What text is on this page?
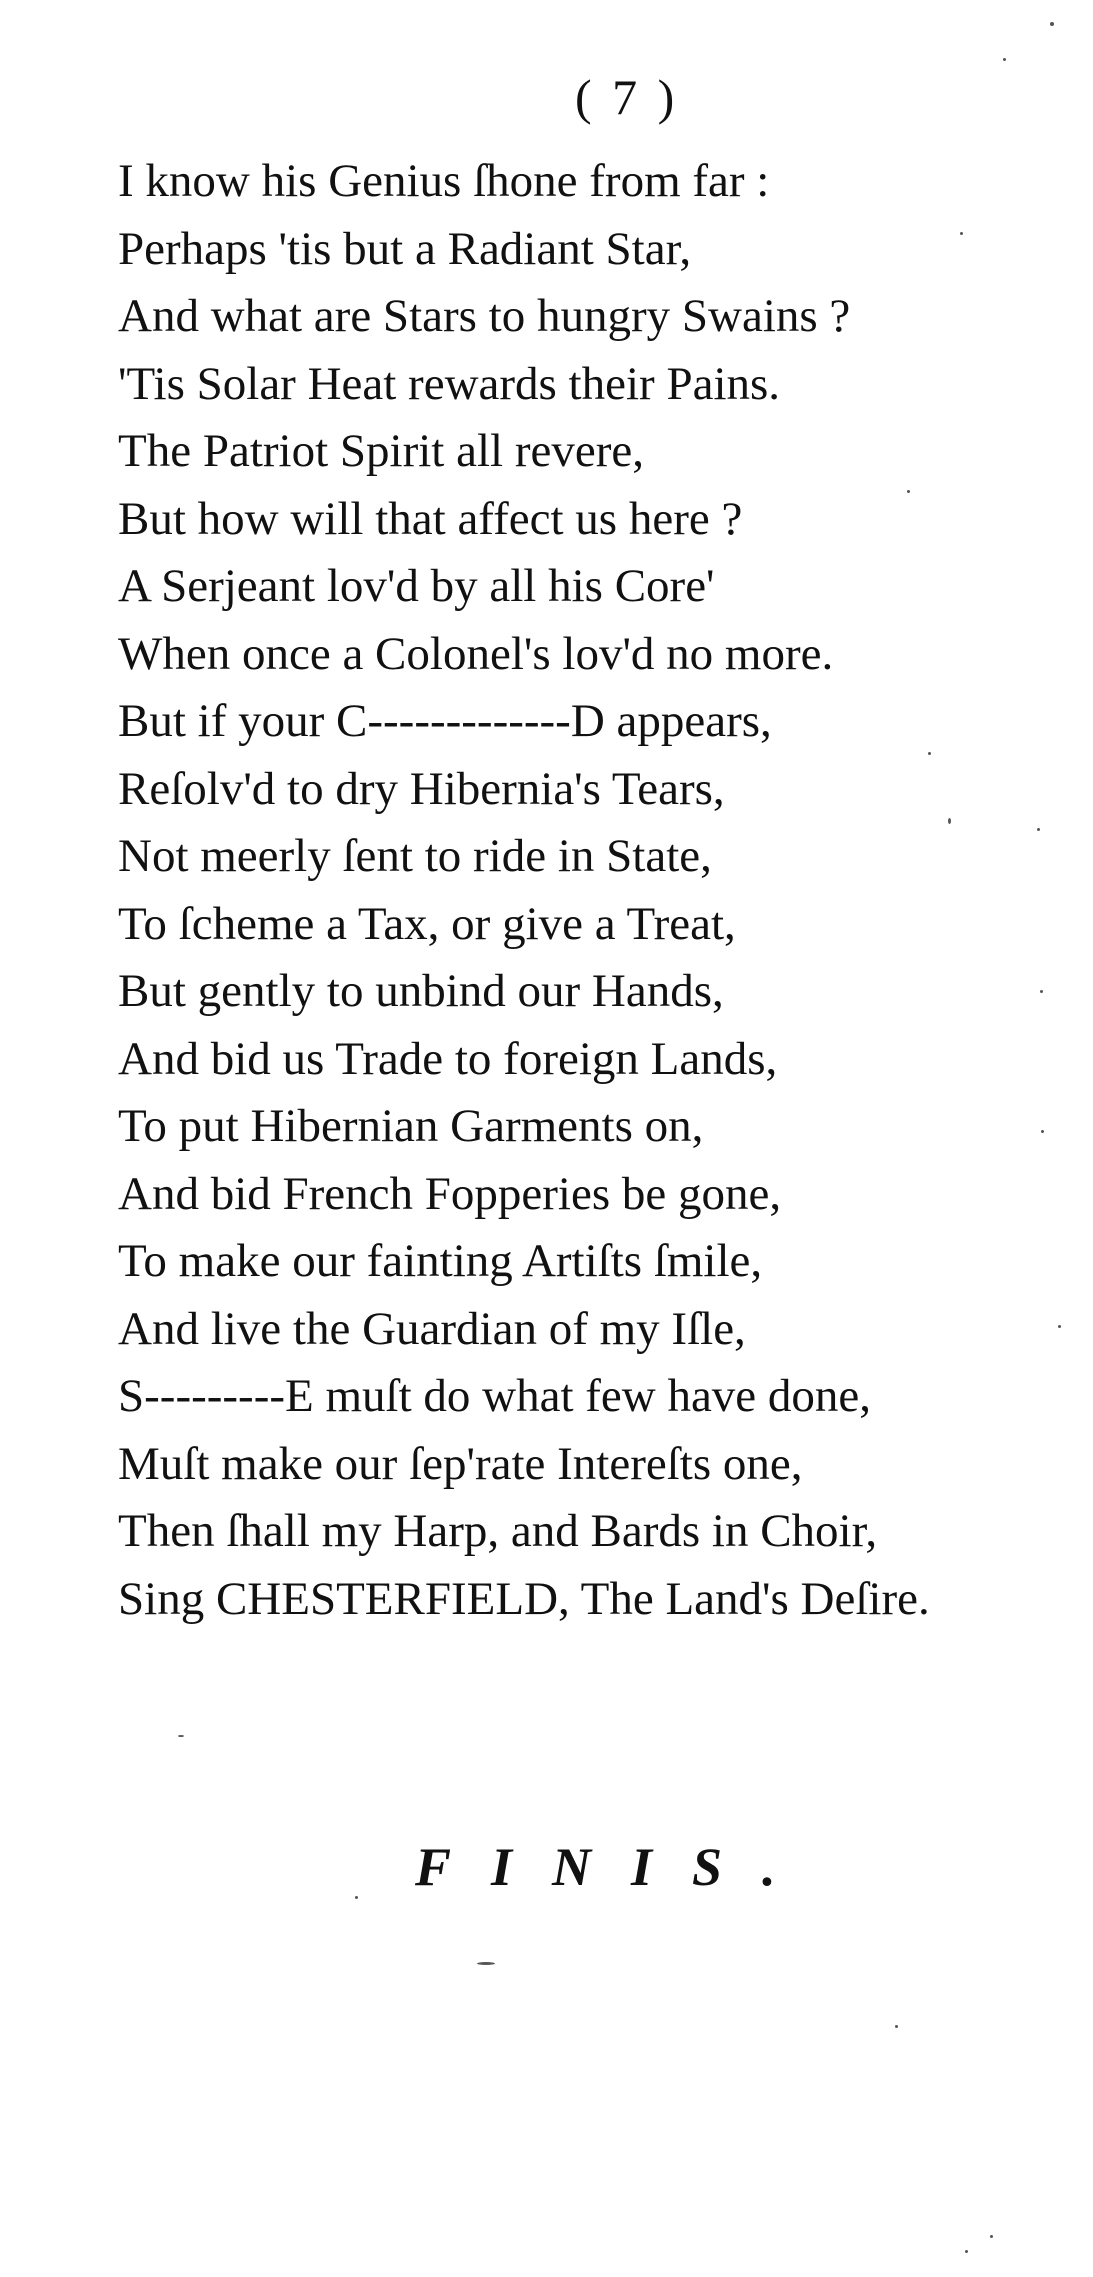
( 7 )
I know his Genius ſhone from far :
Perhaps 'tis but a Radiant Star,
And what are Stars to hungry Swains ?
'Tis Solar Heat rewards their Pains.
The Patriot Spirit all revere,
But how will that affect us here ?
A Serjeant lov'd by all his Core'
When once a Colonel's lov'd no more.
But if your C-------------D appears,
Reſolv'd to dry Hibernia's Tears,
Not meerly ſent to ride in State,
To ſcheme a Tax, or give a Treat,
But gently to unbind our Hands,
And bid us Trade to foreign Lands,
To put Hibernian Garments on,
And bid French Fopperies be gone,
To make our fainting Artiſts ſmile,
And live the Guardian of my Iſle,
S---------E muſt do what few have done,
Muſt make our ſep'rate Intereſts one,
Then ſhall my Harp, and Bards in Choir,
Sing CHESTERFIELD, The Land's Deſire.
FINIS.
